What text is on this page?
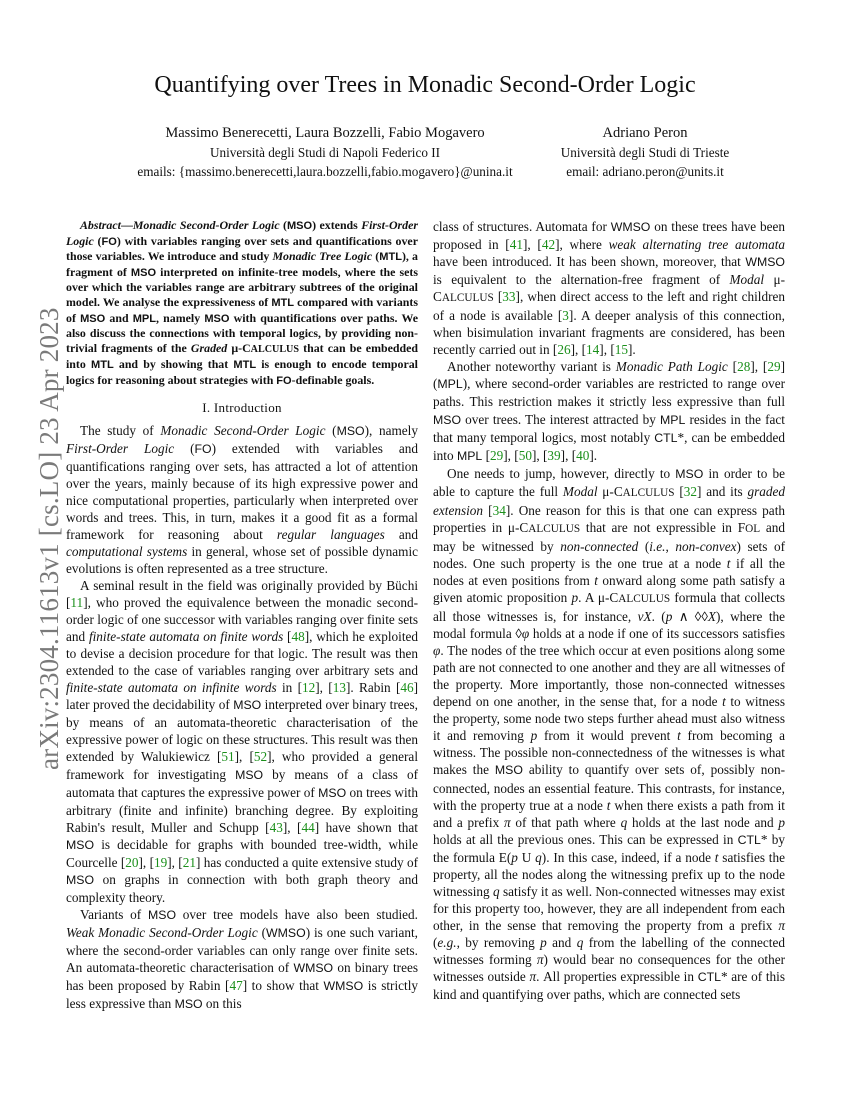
arXiv:2304.11613v1 [cs.LO] 23 Apr 2023
Quantifying over Trees in Monadic Second-Order Logic
Massimo Benerecetti, Laura Bozzelli, Fabio Mogavero
Università degli Studi di Napoli Federico II
emails: {massimo.benerecetti,laura.bozzelli,fabio.mogavero}@unina.it
Adriano Peron
Università degli Studi di Trieste
email: adriano.peron@units.it

Abstract—Monadic Second-Order Logic (MSO) extends First-Order Logic (FO) with variables ranging over sets and quantifications over those variables. We introduce and study Monadic Tree Logic (MTL), a fragment of MSO interpreted on infinite-tree models, where the sets over which the variables range are arbitrary subtrees of the original model. We analyse the expressiveness of MTL compared with variants of MSO and MPL, namely MSO with quantifications over paths. We also discuss the connections with temporal logics, by providing non-trivial fragments of the Graded μ-CALCULUS that can be embedded into MTL and by showing that MTL is enough to encode temporal logics for reasoning about strategies with FO-definable goals.

I. Introduction

The study of Monadic Second-Order Logic (MSO), namely First-Order Logic (FO) extended with variables and quantifications ranging over sets, has attracted a lot of attention over the years, mainly because of its high expressive power and nice computational properties, particularly when interpreted over words and trees. This, in turn, makes it a good fit as a formal framework for reasoning about regular languages and computational systems in general, whose set of possible dynamic evolutions is often represented as a tree structure.

A seminal result in the field was originally provided by Büchi [11], who proved the equivalence between the monadic second-order logic of one successor with variables ranging over finite sets and finite-state automata on finite words [48], which he exploited to devise a decision procedure for that logic. The result was then extended to the case of variables ranging over arbitrary sets and finite-state automata on infinite words in [12], [13]. Rabin [46] later proved the decidability of MSO interpreted over binary trees, by means of an automata-theoretic characterisation of the expressive power of logic on these structures. This result was then extended by Walukiewicz [51], [52], who provided a general framework for investigating MSO by means of a class of automata that captures the expressive power of MSO on trees with arbitrary (finite and infinite) branching degree. By exploiting Rabin's result, Muller and Schupp [43], [44] have shown that MSO is decidable for graphs with bounded tree-width, while Courcelle [20], [19], [21] has conducted a quite extensive study of MSO on graphs in connection with both graph theory and complexity theory.

Variants of MSO over tree models have also been studied. Weak Monadic Second-Order Logic (WMSO) is one such variant, where the second-order variables can only range over finite sets. An automata-theoretic characterisation of WMSO on binary trees has been proposed by Rabin [47] to show that WMSO is strictly less expressive than MSO on this

class of structures. Automata for WMSO on these trees have been proposed in [41], [42], where weak alternating tree automata have been introduced. It has been shown, moreover, that WMSO is equivalent to the alternation-free fragment of Modal μ-CALCULUS [33], when direct access to the left and right children of a node is available [3]. A deeper analysis of this connection, when bisimulation invariant fragments are considered, has been recently carried out in [26], [14], [15].

Another noteworthy variant is Monadic Path Logic [28], [29] (MPL), where second-order variables are restricted to range over paths. This restriction makes it strictly less expressive than full MSO over trees. The interest attracted by MPL resides in the fact that many temporal logics, most notably CTL*, can be embedded into MPL [29], [50], [39], [40].

One needs to jump, however, directly to MSO in order to be able to capture the full Modal μ-CALCULUS [32] and its graded extension [34]. One reason for this is that one can express path properties in μ-CALCULUS that are not expressible in FOL and may be witnessed by non-connected (i.e., non-convex) sets of nodes. One such property is the one true at a node t if all the nodes at even positions from t onward along some path satisfy a given atomic proposition p. A μ-CALCULUS formula that collects all those witnesses is, for instance, νX. (p ∧ ◊◊X), where the modal formula ◊φ holds at a node if one of its successors satisfies φ. The nodes of the tree which occur at even positions along some path are not connected to one another and they are all witnesses of the property. More importantly, those non-connected witnesses depend on one another, in the sense that, for a node t to witness the property, some node two steps further ahead must also witness it and removing p from it would prevent t from becoming a witness. The possible non-connectedness of the witnesses is what makes the MSO ability to quantify over sets of, possibly non-connected, nodes an essential feature. This contrasts, for instance, with the property true at a node t when there exists a path from it and a prefix π of that path where q holds at the last node and p holds at all the previous ones. This can be expressed in CTL* by the formula E(p U q). In this case, indeed, if a node t satisfies the property, all the nodes along the witnessing prefix up to the node witnessing q satisfy it as well. Non-connected witnesses may exist for this property too, however, they are all independent from each other, in the sense that removing the property from a prefix π (e.g., by removing p and q from the labelling of the connected witnesses forming π) would bear no consequences for the other witnesses outside π. All properties expressible in CTL* are of this kind and quantifying over paths, which are connected sets
